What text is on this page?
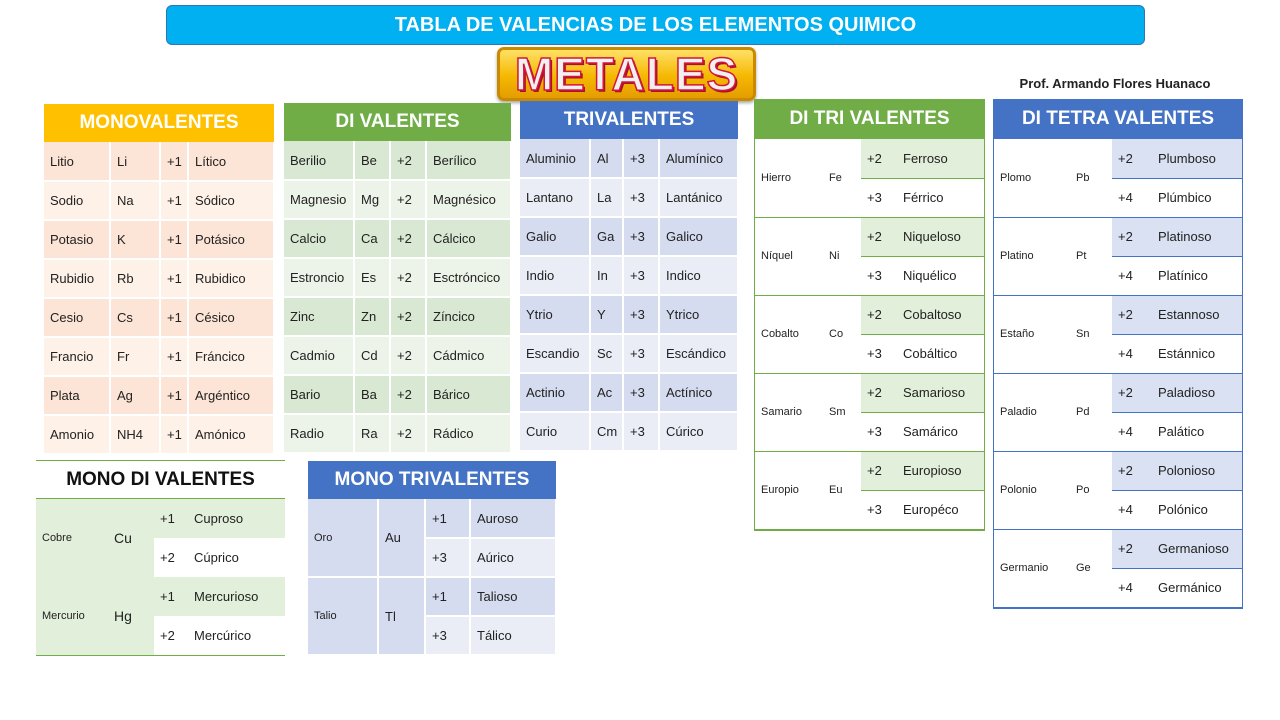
TABLA DE VALENCIAS DE LOS ELEMENTOS QUIMICO
METALES	Prof. Armando Flores Huanaco
MONOVALENTES
Litio	Li	+1	Lítico
Sodio	Na	+1	Sódico
Potasio	K	+1	Potásico
Rubidio	Rb	+1	Rubidico
Cesio	Cs	+1	Césico
Francio	Fr	+1	Fráncico
Plata	Ag	+1	Argéntico
Amonio	NH4	+1	Amónico
DI VALENTES
Berilio	Be	+2	Berílico
Magnesio	Mg	+2	Magnésico
Calcio	Ca	+2	Cálcico
Estroncio	Es	+2	Esctróncico
Zinc	Zn	+2	Zíncico
Cadmio	Cd	+2	Cádmico
Bario	Ba	+2	Bárico
Radio	Ra	+2	Rádico
TRIVALENTES
Aluminio	Al	+3	Alumínico
Lantano	La	+3	Lantánico
Galio	Ga	+3	Galico
Indio	In	+3	Indico
Ytrio	Y	+3	Ytrico
Escandio	Sc	+3	Escándico
Actinio	Ac	+3	Actínico
Curio	Cm	+3	Cúrico
DI TRI VALENTES
Hierro	Fe	+2	Ferroso
		+3	Férrico
Níquel	Ni	+2	Niqueloso
		+3	Niquélico
Cobalto	Co	+2	Cobaltoso
		+3	Cobáltico
Samario	Sm	+2	Samarioso
		+3	Samárico
Europio	Eu	+2	Europioso
		+3	Européco
DI TETRA VALENTES
Plomo	Pb	+2	Plumboso
		+4	Plúmbico
Platino	Pt	+2	Platinoso
		+4	Platínico
Estaño	Sn	+2	Estannoso
		+4	Estánnico
Paladio	Pd	+2	Paladioso
		+4	Palático
Polonio	Po	+2	Polonioso
		+4	Polónico
Germanio	Ge	+2	Germanioso
		+4	Germánico
MONO DI VALENTES
Cobre	Cu	+1	Cuproso
		+2	Cúprico
Mercurio	Hg	+1	Mercurioso
		+2	Mercúrico
MONO TRIVALENTES
Oro	Au	+1	Auroso
		+3	Aúrico
Talio	Tl	+1	Talioso
		+3	Tálico
